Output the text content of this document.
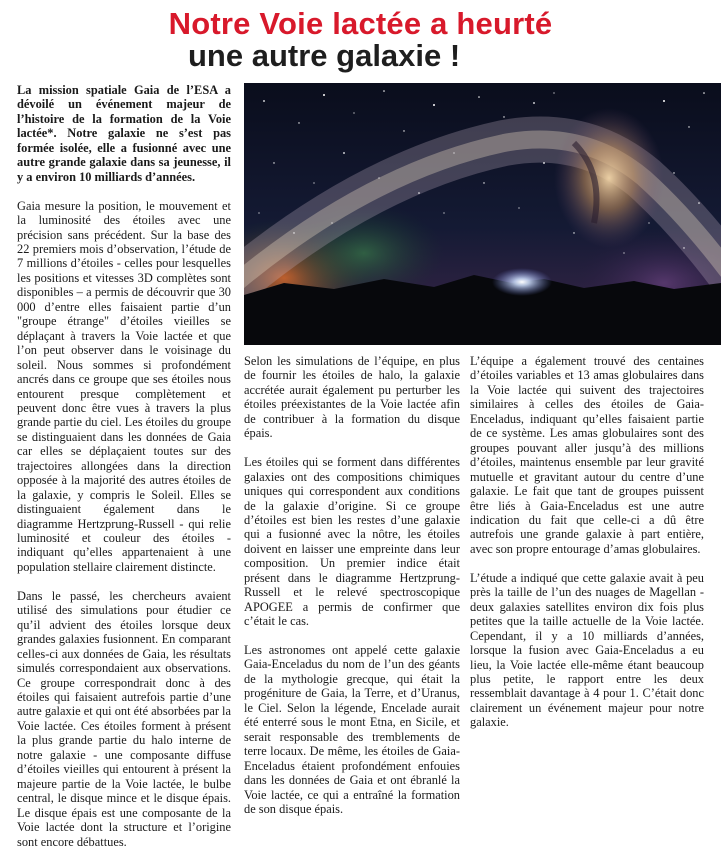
Notre Voie lactée a heurté
une autre galaxie !

La mission spatiale Gaia de l’ESA a dévoilé un événement majeur de l’histoire de la formation de la Voie lactée*. Notre galaxie ne s’est pas formée isolée, elle a fusionné avec une autre grande galaxie dans sa jeunesse, il y a environ 10 milliards d’années.

Gaia mesure la position, le mouvement et la luminosité des étoiles avec une précision sans précédent. Sur la base des 22 premiers mois d’observation, l’étude de 7 millions d’étoiles - celles pour lesquelles les positions et vitesses 3D complètes sont disponibles – a permis de découvrir que 30 000 d’entre elles faisaient partie d’un "groupe étrange" d’étoiles vieilles se déplaçant à travers la Voie lactée et que l’on peut observer dans le voisinage du soleil. Nous sommes si profondément ancrés dans ce groupe que ses étoiles nous entourent presque complètement et peuvent donc être vues à travers la plus grande partie du ciel. Les étoiles du groupe se distinguaient dans les données de Gaia car elles se déplaçaient toutes sur des trajectoires allongées dans la direction opposée à la majorité des autres étoiles de la galaxie, y compris le Soleil. Elles se distinguaient également dans le diagramme Hertzprung-Russell - qui relie luminosité et couleur des étoiles - indiquant qu’elles appartenaient à une population stellaire clairement distincte.

Dans le passé, les chercheurs avaient utilisé des simulations pour étudier ce qu’il advient des étoiles lorsque deux grandes galaxies fusionnent. En comparant celles-ci aux données de Gaia, les résultats simulés correspondaient aux observations. Ce groupe correspondrait donc à des étoiles qui faisaient autrefois partie d’une autre galaxie et qui ont été absorbées par la Voie lactée. Ces étoiles forment à présent la plus grande partie du halo interne de notre galaxie - une composante diffuse d’étoiles vieilles qui entourent à présent la majeure partie de la Voie lactée, le bulbe central, le disque mince et le disque épais. Le disque épais est une composante de la Voie lactée dont la structure et l’origine sont encore débattues.

Selon les simulations de l’équipe, en plus de fournir les étoiles de halo, la galaxie accrétée aurait également pu perturber les étoiles préexistantes de la Voie lactée afin de contribuer à la formation du disque épais.

Les étoiles qui se forment dans différentes galaxies ont des compositions chimiques uniques qui correspondent aux conditions de la galaxie d’origine. Si ce groupe d’étoiles est bien les restes d’une galaxie qui a fusionné avec la nôtre, les étoiles doivent en laisser une empreinte dans leur composition. Un premier indice était présent dans le diagramme Hertzprung-Russell et le relevé spectroscopique APOGEE a permis de confirmer que c’était le cas.

Les astronomes ont appelé cette galaxie Gaia-Enceladus du nom de l’un des géants de la mythologie grecque, qui était la progéniture de Gaia, la Terre, et d’Uranus, le Ciel. Selon la légende, Encelade aurait été enterré sous le mont Etna, en Sicile, et serait responsable des tremblements de terre locaux. De même, les étoiles de Gaia-Enceladus étaient profondément enfouies dans les données de Gaia et ont ébranlé la Voie lactée, ce qui a entraîné la formation de son disque épais.

L’équipe a également trouvé des centaines d’étoiles variables et 13 amas globulaires dans la Voie lactée qui suivent des trajectoires similaires à celles des étoiles de Gaia-Enceladus, indiquant qu’elles faisaient partie de ce système. Les amas globulaires sont des groupes pouvant aller jusqu’à des millions d’étoiles, maintenus ensemble par leur gravité mutuelle et gravitant autour du centre d’une galaxie. Le fait que tant de groupes puissent être liés à Gaia-Enceladus est une autre indication du fait que celle-ci a dû être autrefois une grande galaxie à part entière, avec son propre entourage d’amas globulaires.

L’étude a indiqué que cette galaxie avait à peu près la taille de l’un des nuages de Magellan - deux galaxies satellites environ dix fois plus petites que la taille actuelle de la Voie lactée. Cependant, il y a 10 milliards d’années, lorsque la fusion avec Gaia-Enceladus a eu lieu, la Voie lactée elle-même étant beaucoup plus petite, le rapport entre les deux ressemblait davantage à 4 pour 1. C’était donc clairement un événement majeur pour notre galaxie.
